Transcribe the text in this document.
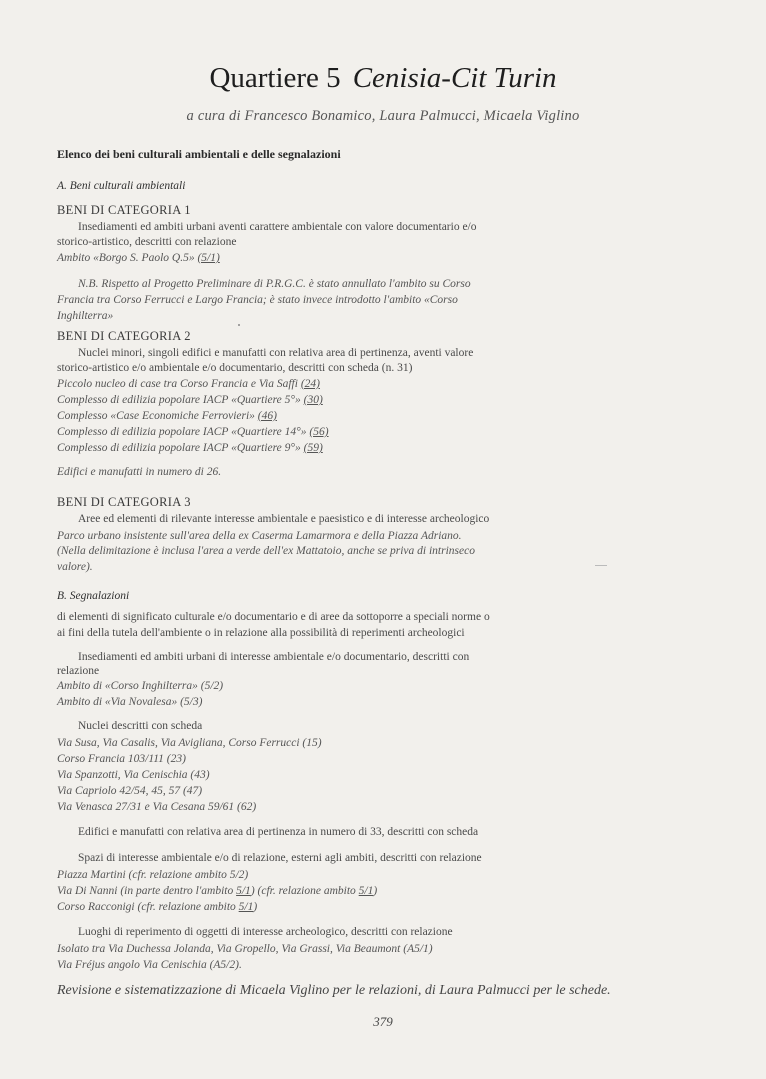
Quartiere 5 Cenisia-Cit Turin
a cura di Francesco Bonamico, Laura Palmucci, Micaela Viglino
Elenco dei beni culturali ambientali e delle segnalazioni
A. Beni culturali ambientali
BENI DI CATEGORIA 1
Insediamenti ed ambiti urbani aventi carattere ambientale con valore documentario e/o
storico-artistico, descritti con relazione
Ambito «Borgo S. Paolo Q.5» (5/1)
N.B. Rispetto al Progetto Preliminare di P.R.G.C. è stato annullato l'ambito su Corso
Francia tra Corso Ferrucci e Largo Francia; è stato invece introdotto l'ambito «Corso
Inghilterra»
BENI DI CATEGORIA 2
Nuclei minori, singoli edifici e manufatti con relativa area di pertinenza, aventi valore
storico-artistico e/o ambientale e/o documentario, descritti con scheda (n. 31)
Piccolo nucleo di case tra Corso Francia e Via Saffi (24)
Complesso di edilizia popolare IACP «Quartiere 5°» (30)
Complesso «Case Economiche Ferrovieri» (46)
Complesso di edilizia popolare IACP «Quartiere 14°» (56)
Complesso di edilizia popolare IACP «Quartiere 9°» (59)
Edifici e manufatti in numero di 26.
BENI DI CATEGORIA 3
Aree ed elementi di rilevante interesse ambientale e paesistico e di interesse archeologico
Parco urbano insistente sull'area della ex Caserma Lamarmora e della Piazza Adriano.
(Nella delimitazione è inclusa l'area a verde dell'ex Mattatoio, anche se priva di intrinseco
valore).
B. Segnalazioni
di elementi di significato culturale e/o documentario e di aree da sottoporre a speciali norme o
ai fini della tutela dell'ambiente o in relazione alla possibilità di reperimenti archeologici
Insediamenti ed ambiti urbani di interesse ambientale e/o documentario, descritti con
relazione
Ambito di «Corso Inghilterra» (5/2)
Ambito di «Via Novalesa» (5/3)
Nuclei descritti con scheda
Via Susa, Via Casalis, Via Avigliana, Corso Ferrucci (15)
Corso Francia 103/111 (23)
Via Spanzotti, Via Cenischia (43)
Via Capriolo 42/54, 45, 57 (47)
Via Venasca 27/31 e Via Cesana 59/61 (62)
Edifici e manufatti con relativa area di pertinenza in numero di 33, descritti con scheda
Spazi di interesse ambientale e/o di relazione, esterni agli ambiti, descritti con relazione
Piazza Martini (cfr. relazione ambito 5/2)
Via Di Nanni (in parte dentro l'ambito 5/1) (cfr. relazione ambito 5/1)
Corso Racconigi (cfr. relazione ambito 5/1)
Luoghi di reperimento di oggetti di interesse archeologico, descritti con relazione
Isolato tra Via Duchessa Jolanda, Via Gropello, Via Grassi, Via Beaumont (A5/1)
Via Fréjus angolo Via Cenischia (A5/2).
Revisione e sistematizzazione di Micaela Viglino per le relazioni, di Laura Palmucci per le schede.
379
